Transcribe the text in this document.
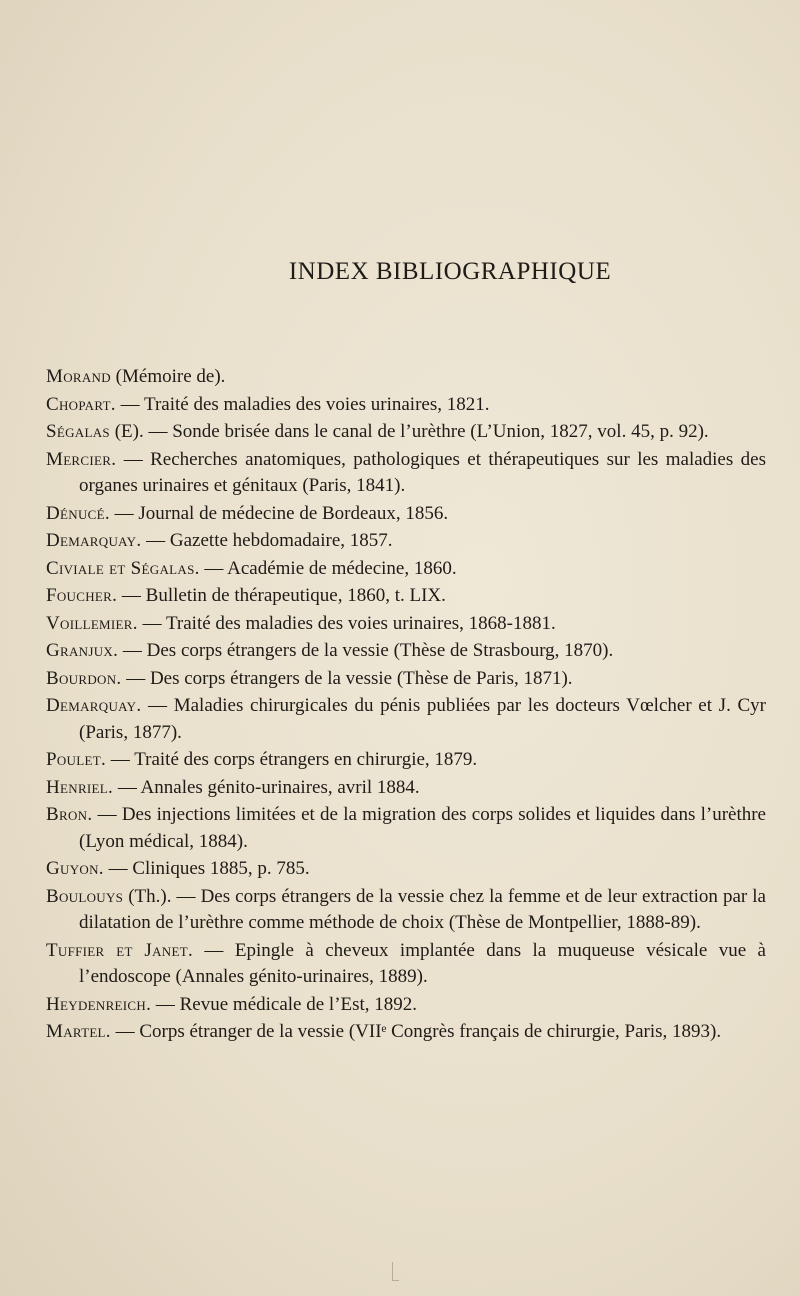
INDEX BIBLIOGRAPHIQUE
Morand (Mémoire de).
Chopart. — Traité des maladies des voies urinaires, 1821.
Ségalas (E). — Sonde brisée dans le canal de l’urèthre (L’Union, 1827, vol. 45, p. 92).
Mercier. — Recherches anatomiques, pathologiques et thérapeutiques sur les maladies des organes urinaires et génitaux (Paris, 1841).
Dénucé. — Journal de médecine de Bordeaux, 1856.
Demarquay. — Gazette hebdomadaire, 1857.
Civiale et Ségalas. — Académie de médecine, 1860.
Foucher. — Bulletin de thérapeutique, 1860, t. LIX.
Voillemier. — Traité des maladies des voies urinaires, 1868-1881.
Granjux. — Des corps étrangers de la vessie (Thèse de Strasbourg, 1870).
Bourdon. — Des corps étrangers de la vessie (Thèse de Paris, 1871).
Demarquay. — Maladies chirurgicales du pénis publiées par les docteurs Vœlcher et J. Cyr (Paris, 1877).
Poulet. — Traité des corps étrangers en chirurgie, 1879.
Henriel. — Annales génito-urinaires, avril 1884.
Bron. — Des injections limitées et de la migration des corps solides et liquides dans l’urèthre (Lyon médical, 1884).
Guyon. — Cliniques 1885, p. 785.
Boulouys (Th.). — Des corps étrangers de la vessie chez la femme et de leur extraction par la dilatation de l’urèthre comme méthode de choix (Thèse de Montpellier, 1888-89).
Tuffier et Janet. — Epingle à cheveux implantée dans la muqueuse vésicale vue à l’endoscope (Annales génito-urinaires, 1889).
Heydenreich. — Revue médicale de l’Est, 1892.
Martel. — Corps étranger de la vessie (VIIᵉ Congrès français de chirurgie, Paris, 1893).
